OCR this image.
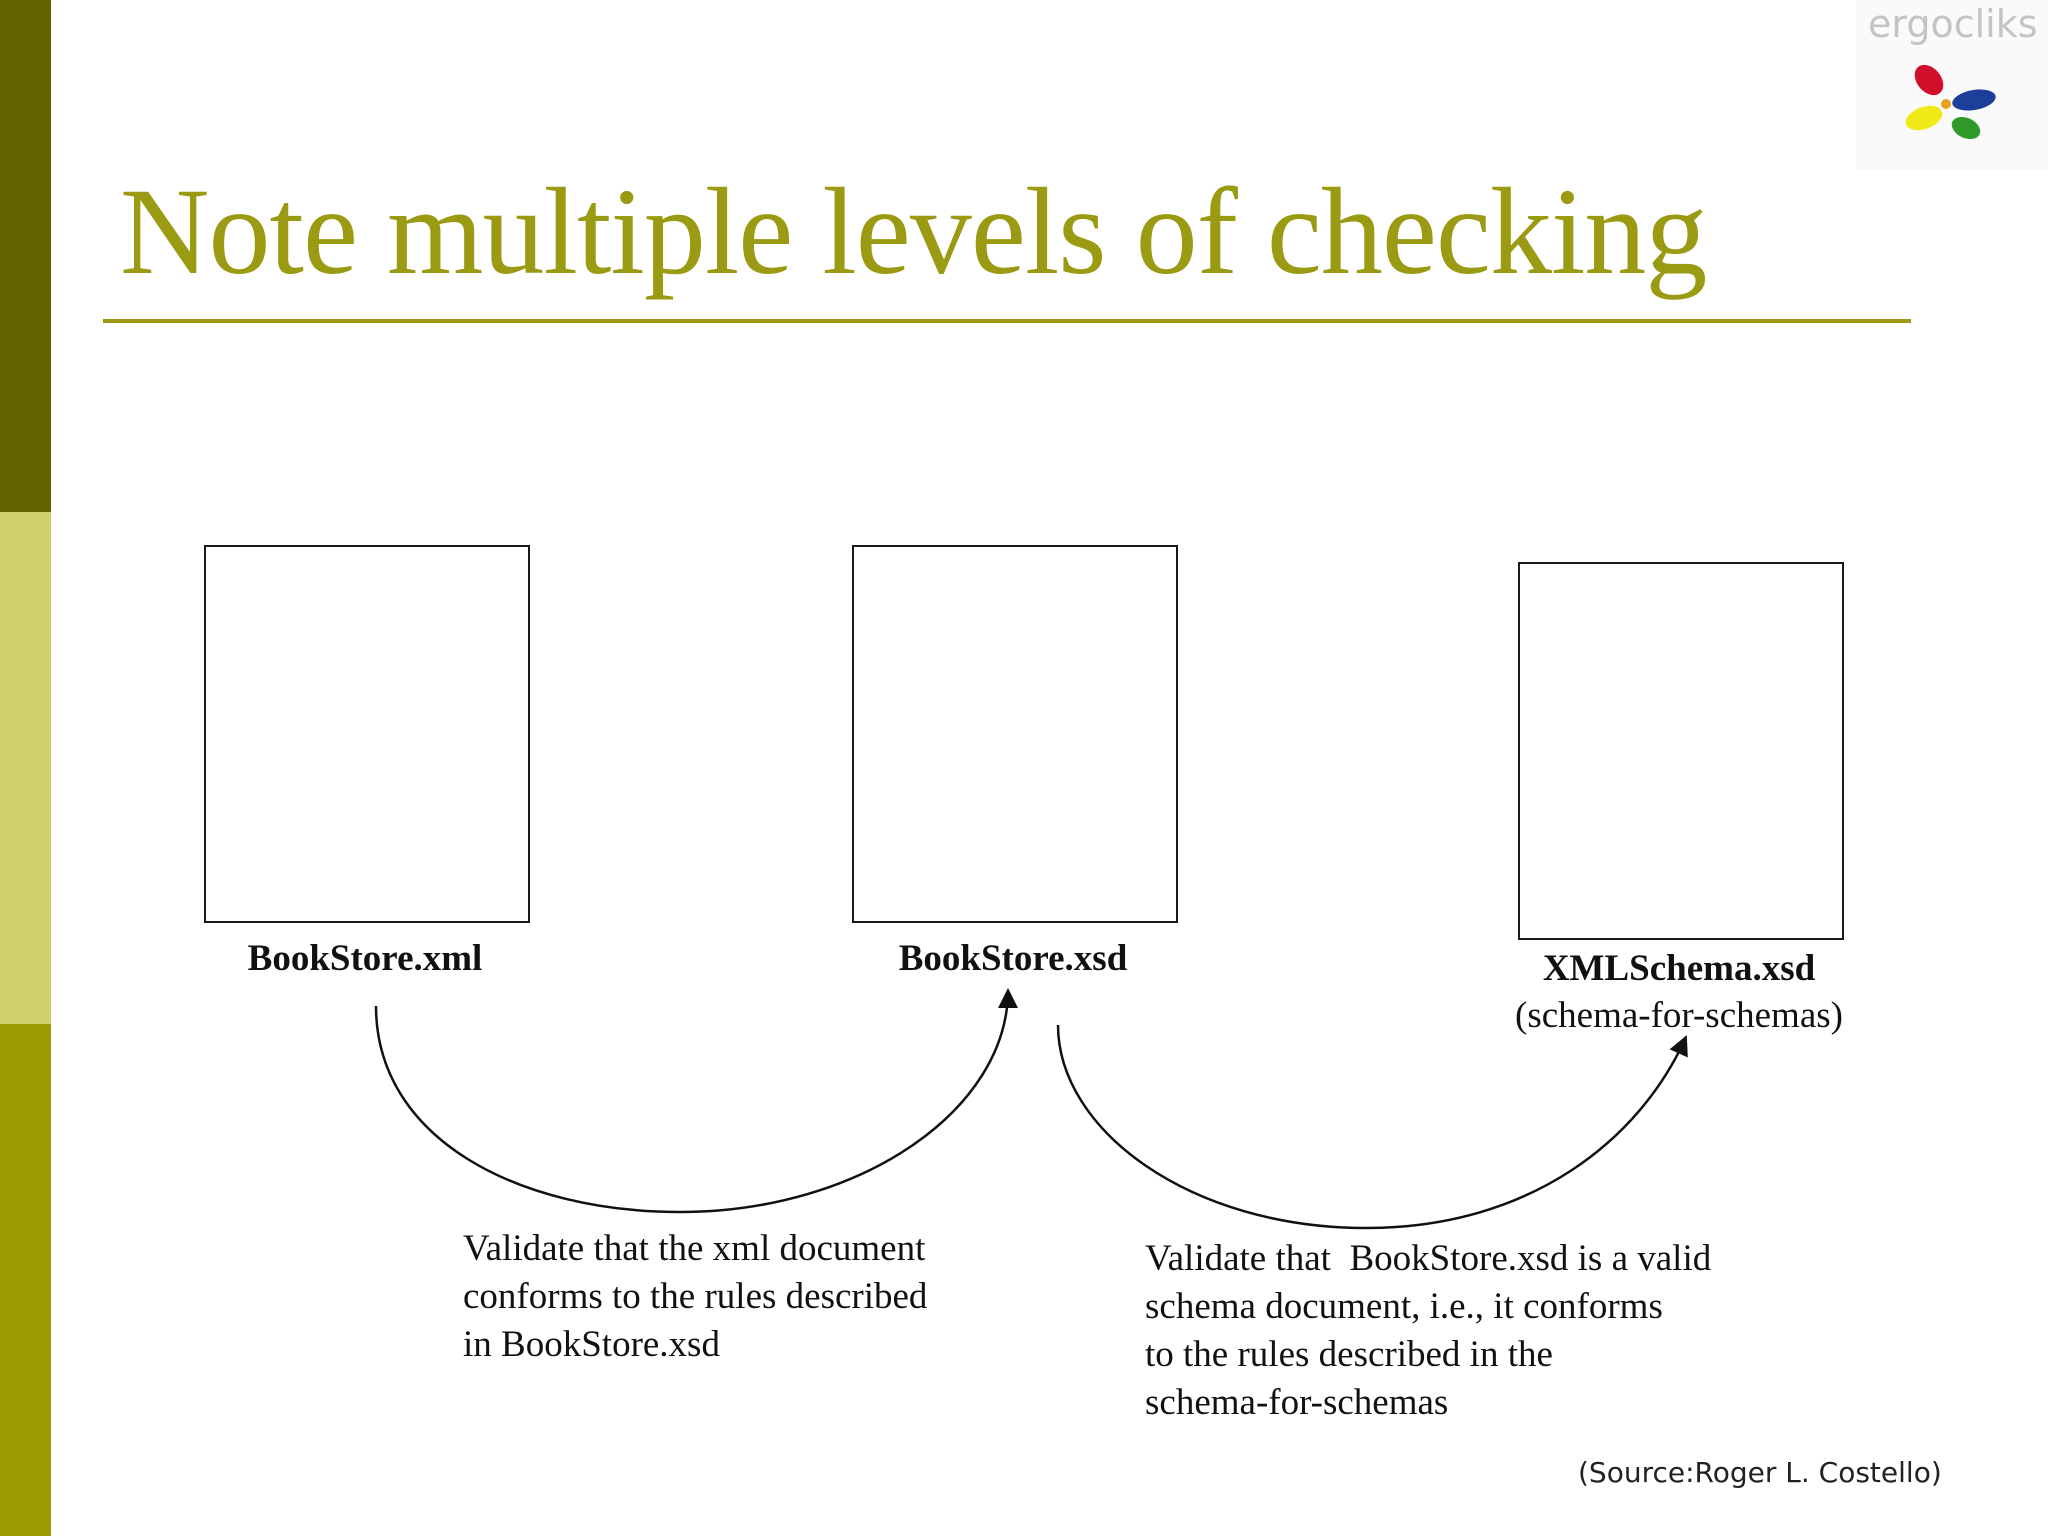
ergocliks
Note multiple levels of checking
BookStore.xml	BookStore.xsd	XMLSchema.xsd
(schema-for-schemas)
Validate that the xml document
conforms to the rules described
in BookStore.xsd
Validate that  BookStore.xsd is a valid
schema document, i.e., it conforms
to the rules described in the
schema-for-schemas
(Source:Roger L. Costello)
